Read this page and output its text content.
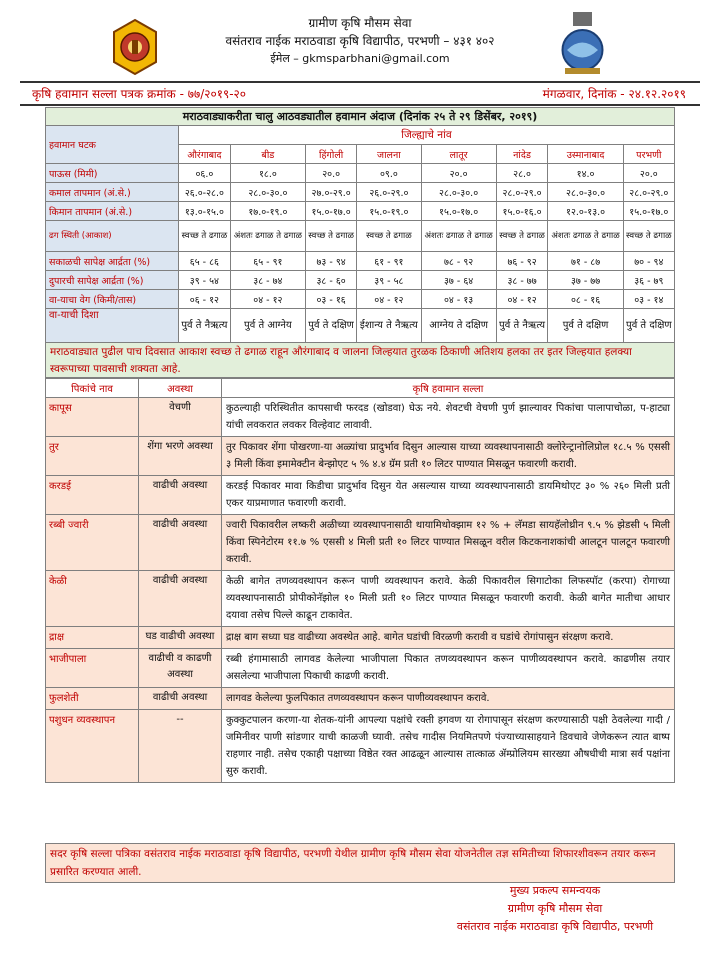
ग्रामीण कृषि मौसम सेवा
वसंतराव नाईक मराठवाडा कृषि विद्यापीठ, परभणी – ४३१ ४०२
ईमेल – gkmsparbhani@gmail.com
कृषि हवामान सल्ला पत्रक क्रमांक - ७७/२०१९-२०	मंगळवार, दिनांक - २४.१२.२०१९
मराठवाड्याकरीता चालु आठवड्यातील हवामान अंदाज (दिनांक २५ ते २९ डिसेंबर, २०१९)								
हवामान घटक	जिल्ह्याचे नांव							
	औरंगाबाद	बीड	हिंगोली	जालना	लातूर	नांदेड	उस्मानाबाद	परभणी
पाऊस (मिमी)	०६.०	१८.०	२०.०	०९.०	२०.०	२८.०	१४.०	२०.०
कमाल तापमान (अं.से.)	२६.०-२८.०	२८.०-३०.०	२७.०-२९.०	२६.०-२९.०	२८.०-३०.०	२८.०-२९.०	२८.०-३०.०	२८.०-२९.०
किमान तापमान (अं.से.)	१३.०-१५.०	१७.०-१९.०	१५.०-१७.०	१५.०-१९.०	१५.०-१७.०	१५.०-१६.०	१२.०-१३.०	१५.०-१७.०
ढग स्थिती (आकाश)	स्वच्छ ते ढगाळ	अंशतः ढगाळ ते ढगाळ	स्वच्छ ते ढगाळ	स्वच्छ ते ढगाळ	अंशतः ढगाळ ते ढगाळ	स्वच्छ ते ढगाळ	अंशतः ढगाळ ते ढगाळ	स्वच्छ ते ढगाळ
सकाळची सापेक्ष आर्द्रता (%)	६५ - ८६	६५ - ९१	७३ - ९४	६१ - ९१	७८ - ९२	७६ - ९२	७१ - ८७	७० - ९४
दुपारची सापेक्ष आर्द्रता (%)	३९ - ५४	३८ - ७४	३८ - ६०	३९ - ५८	३७ - ६४	३८ - ७७	३७ - ७७	३६ - ७९
वा-याचा वेग (किमी/तास)	०६ - १२	०४ - १२	०३ - १६	०४ - १२	०४ - १३	०४ - १२	०८ - १६	०३ - १४
वा-याची दिशा	पुर्व ते नैऋत्य	पुर्व ते आग्नेय	पुर्व ते दक्षिण	ईशान्य ते नैऋत्य	आग्नेय ते दक्षिण	पुर्व ते नैऋत्य	पुर्व ते दक्षिण	पुर्व ते दक्षिण
मराठवाड्यात पुढील पाच दिवसात आकाश स्वच्छ ते ढगाळ राहून औरंगाबाद व जालना जिल्हयात तुरळक ठिकाणी अतिशय हलका तर इतर जिल्हयात हलक्या स्वरूपाच्या पावसाची शक्यता आहे.
पिकांचे नाव	अवस्था	कृषि हवामान सल्ला
कापूस	वेचणी	कुठल्याही परिस्थितीत कापसाची फरदड (खोडवा) घेऊ नये. शेवटची वेचणी पुर्ण झाल्यावर पिकांचा पालापाचोळा, प-हाट्या यांची लवकरात लवकर विल्हेवाट लावावी.
तुर	शेंगा भरणे अवस्था	तुर पिकावर शेंगा पोखरणा-या अळ्यांचा प्रादुर्भाव दिसुन आल्यास याच्या व्यवस्थापनासाठी क्लोरेन्ट्रानोलिप्रोल १८.५ % एससी ३ मिली किंवा इमामेक्टीन बेन्झोएट ५ % ४.४ ग्रॅम प्रती १० लिटर पाण्यात मिसळून फवारणी करावी.
करडई	वाढीची अवस्था	करडई पिकावर मावा किडीचा प्रादुर्भाव दिसुन येत असल्यास याच्या व्यवस्थापनासाठी डायमिथोएट ३० % २६० मिली प्रती एकर याप्रमाणात फवारणी करावी.
रब्बी ज्वारी	वाढीची अवस्था	ज्वारी पिकावरील लष्करी अळीच्या व्यवस्थापनासाठी थायामिथोक्झाम १२ % + लॅमडा सायहॅलोथ्रीन ९.५ % झेडसी ५ मिली किंवा स्पिनेटोरम ११.७ % एससी ४ मिली प्रती १० लिटर पाण्यात मिसळून वरील किटकनाशकांची आलटून पालटून फवारणी करावी.
केळी	वाढीची अवस्था	केळी बागेत तणव्यवस्थापन करून पाणी व्यवस्थापन करावे. केळी पिकावरील सिगाटोका लिफस्पॉट (करपा) रोगाच्या व्यवस्थापनासाठी प्रोपीकोनॅझोल १० मिली प्रती १० लिटर पाण्यात मिसळून फवारणी करावी. केळी बागेत मातीचा आधार दयावा तसेच पिल्ले काढून टाकावेत.
द्राक्ष	घड वाढीची अवस्था	द्राक्ष बाग सध्या घड वाढीच्या अवस्थेत आहे. बागेत घडांची विरळणी करावी व घडांचे रोगांपासुन संरक्षण करावे.
भाजीपाला	वाढीची व काढणी अवस्था	रब्बी हंगामासाठी लागवड केलेल्या भाजीपाला पिकात तणव्यवस्थापन करून पाणीव्यवस्थापन करावे. काढणीस तयार असलेल्या भाजीपाला पिकाची काढणी करावी.
फुलशेती	वाढीची अवस्था	लागवड केलेल्या फुलपिकात तणव्यवस्थापन करून पाणीव्यवस्थापन करावे.
पशुधन व्यवस्थापन	--	कुक्कुटपालन करणा-या शेतक-यांनी आपल्या पक्षांचे रक्ती हगवण या रोगापासून संरक्षण करण्यासाठी पक्षी ठेवलेल्या गादी / जमिनीवर पाणी सांडणार याची काळजी घ्यावी. तसेच गादीस नियमितपणे पंज्याच्यासाहयाने डिवचावे जेणेकरून त्यात बाष्प राहणार नाही. तसेच एकाही पक्षाच्या विष्ठेत रक्त आढळून आल्यास तात्काळ ॲम्प्रोलियम सारख्या औषधीची मात्रा सर्व पक्षांना सुरु करावी.
सदर कृषि सल्ला पत्रिका वसंतराव नाईक मराठवाडा कृषि विद्यापीठ, परभणी येथील ग्रामीण कृषि मौसम सेवा योजनेतील तज्ञ समितीच्या शिफारशीवरून तयार करून प्रसारित करण्यात आली.
मुख्य प्रकल्प समन्वयक
ग्रामीण कृषि मौसम सेवा
वसंतराव नाईक मराठवाडा कृषि विद्यापीठ, परभणी
